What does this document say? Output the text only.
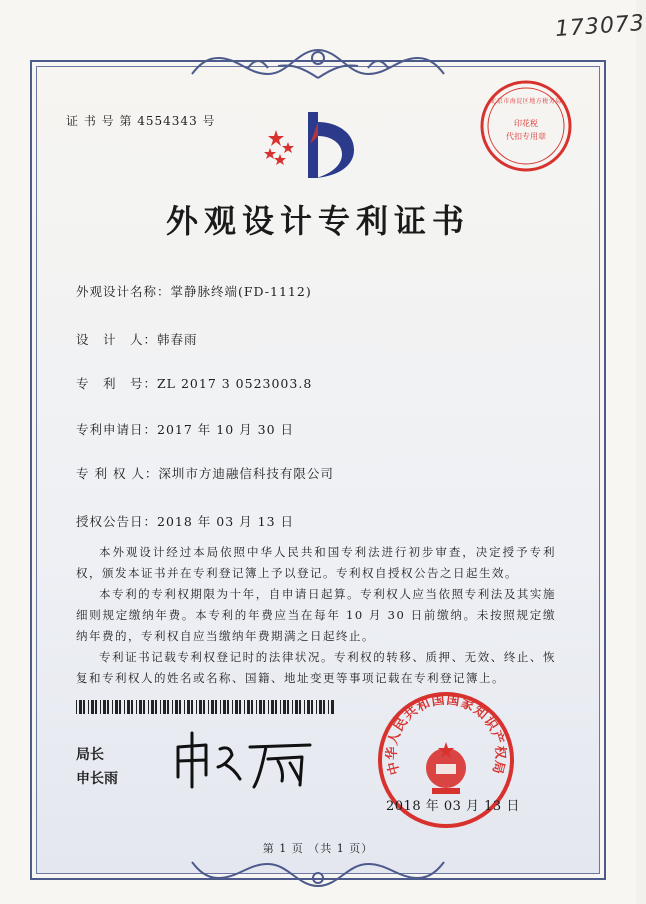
173073
证 书 号 第 4554343 号
北京市海淀区地方税务局
印花税
代扣专用章
外观设计专利证书
外观设计名称：掌静脉终端(FD-1112)
设　计　人：韩春雨
专　利　号：ZL 2017 3 0523003.8
专利申请日：2017 年 10 月 30 日
专 利 权 人：深圳市方迪融信科技有限公司
授权公告日：2018 年 03 月 13 日

本外观设计经过本局依照中华人民共和国专利法进行初步审查，决定授予专利权，颁发本证书并在专利登记簿上予以登记。专利权自授权公告之日起生效。

本专利的专利权期限为十年，自申请日起算。专利权人应当依照专利法及其实施细则规定缴纳年费。本专利的年费应当在每年 10 月 30 日前缴纳。未按照规定缴纳年费的，专利权自应当缴纳年费期满之日起终止。

专利证书记载专利权登记时的法律状况。专利权的转移、质押、无效、终止、恢复和专利权人的姓名或名称、国籍、地址变更等事项记载在专利登记簿上。

局长
申长雨
中华人民共和国国家知识产权局
2018 年 03 月 13 日
第 1 页 （共 1 页）
